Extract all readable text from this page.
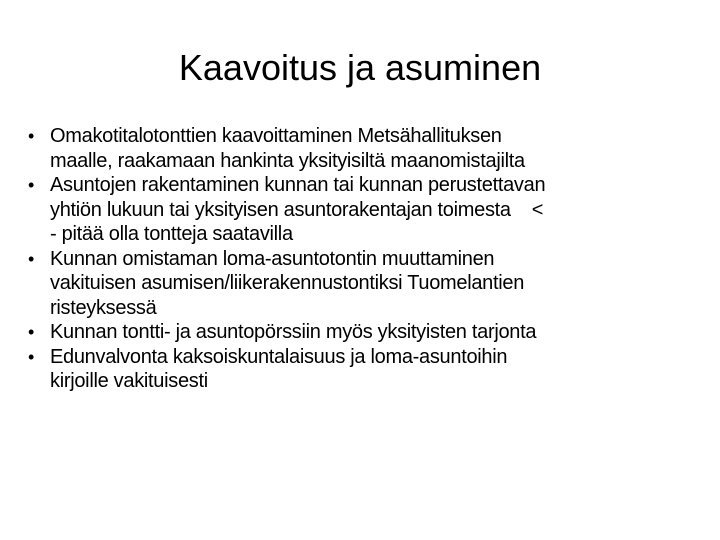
Kaavoitus ja asuminen
• Omakotitalotonttien kaavoittaminen Metsähallituksen
maalle, raakamaan hankinta yksityisiltä maanomistajilta
• Asuntojen rakentaminen kunnan tai kunnan perustettavan
yhtiön lukuun tai yksityisen asuntorakentajan toimesta    <
- pitää olla tontteja saatavilla
• Kunnan omistaman loma-asuntotontin muuttaminen
vakituisen asumisen/liikerakennustontiksi Tuomelantien
risteyksessä
• Kunnan tontti- ja asuntopörssiin myös yksityisten tarjonta
• Edunvalvonta kaksoiskuntalaisuus ja loma-asuntoihin
kirjoille vakituisesti
